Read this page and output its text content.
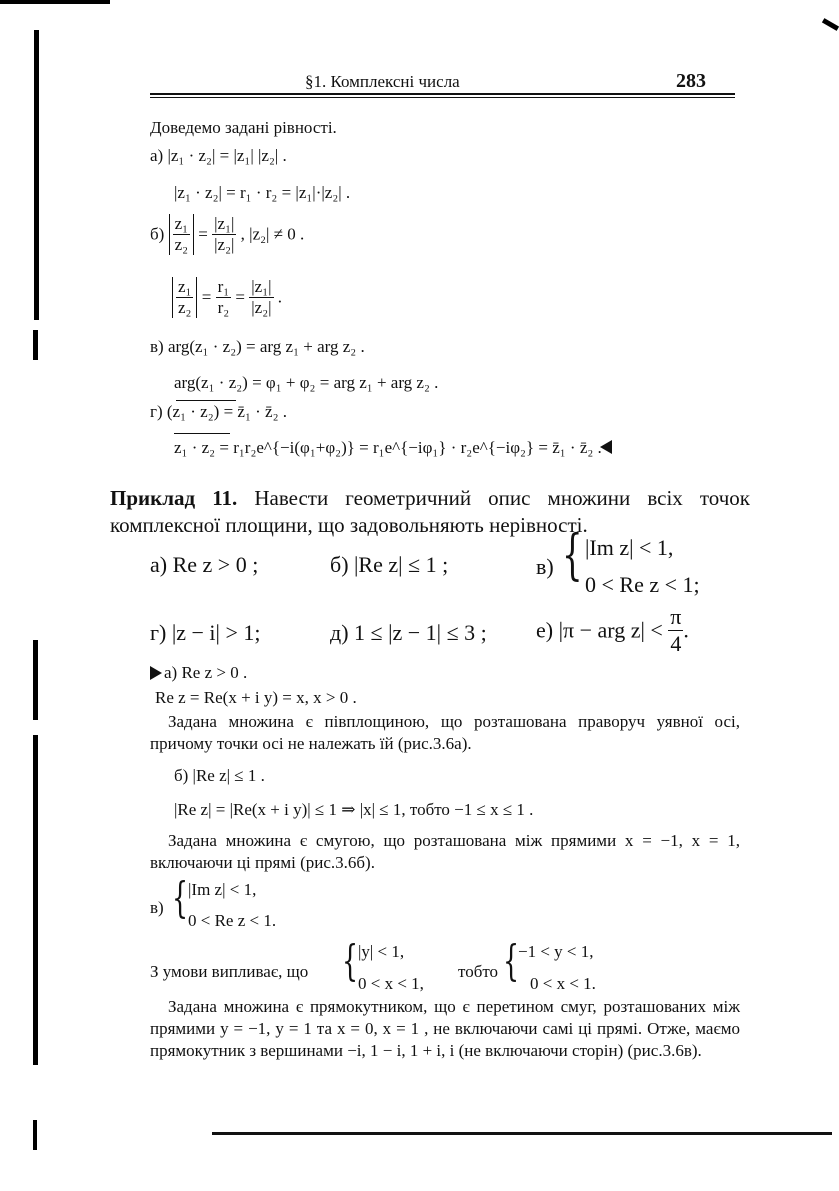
§1. Комплексні числа	283
Доведемо задані рівності.
а) |z₁ · z₂| = |z₁| |z₂| .
|z₁ · z₂| = r₁ · r₂ = |z₁|·|z₂| .
$б) \frac{\text{z₁}}{\text{z₂}} = \frac{\text{|z₁|}}{\text{|z₂|}}$ , |z₂| ≠ 0 .
$\frac{\text{z₁}}{\text{z₂}} = \frac{\text{r₁}}{\text{r₂}} = \frac{\text{|z₁|}}{\text{|z₂|}}$ .
в) arg(z₁ · z₂) = arg z₁ + arg z₂ .
arg(z₁ · z₂) = φ₁ + φ₂ = arg z₁ + arg z₂ .
г) (z₁ · z₂) = z̄₁ · z̄₂ .
z₁ · z₂ = r₁r₂e^{−i(φ₁+φ₂)} = r₁e^{−iφ₁} · r₂e^{−iφ₂} = z̄₁ · z̄₂ .
Приклад 11. Навести геометричний опис множини всіх точок комплексної площини, що задовольняють нерівності.
а) Re z > 0 ;	б) |Re z| ≤ 1 ;	в) { |Im z| < 1,
0 < Re z < 1;
г) |z − i| > 1;	д) 1 ≤ |z − 1| ≤ 3 ; е) |π − arg $z| < \frac{\pi}{4}$ .
а) Re z > 0 .
Re z = Re(x + i y) = x, x > 0 .
Задана множина є півплощиною, що розташована праворуч уявної осі, причому точки осі не належать їй (рис.3.6а).
б) |Re z| ≤ 1 .
|Re z| = |Re(x + i y)| ≤ 1 ⇒ |x| ≤ 1, тобто −1 ≤ x ≤ 1 .
Задана множина є смугою, що розташована між прямими x = −1, x = 1, включаючи ці прямі (рис.3.6б).
в) { |Im z| < 1,
0 < Re z < 1.
З умови випливає, що { |y| < 1,
0 < x < 1,
тобто {
−1 < y < 1,
0 < x < 1.
Задана множина є прямокутником, що є перетином смуг, розташованих між прямими y = −1, y = 1 та x = 0, x = 1 , не включаючи самі ці прямі. Отже, маємо прямокутник з вершинами −i, 1 − i, 1 + i, i (не включаючи сторін) (рис.3.6в).
